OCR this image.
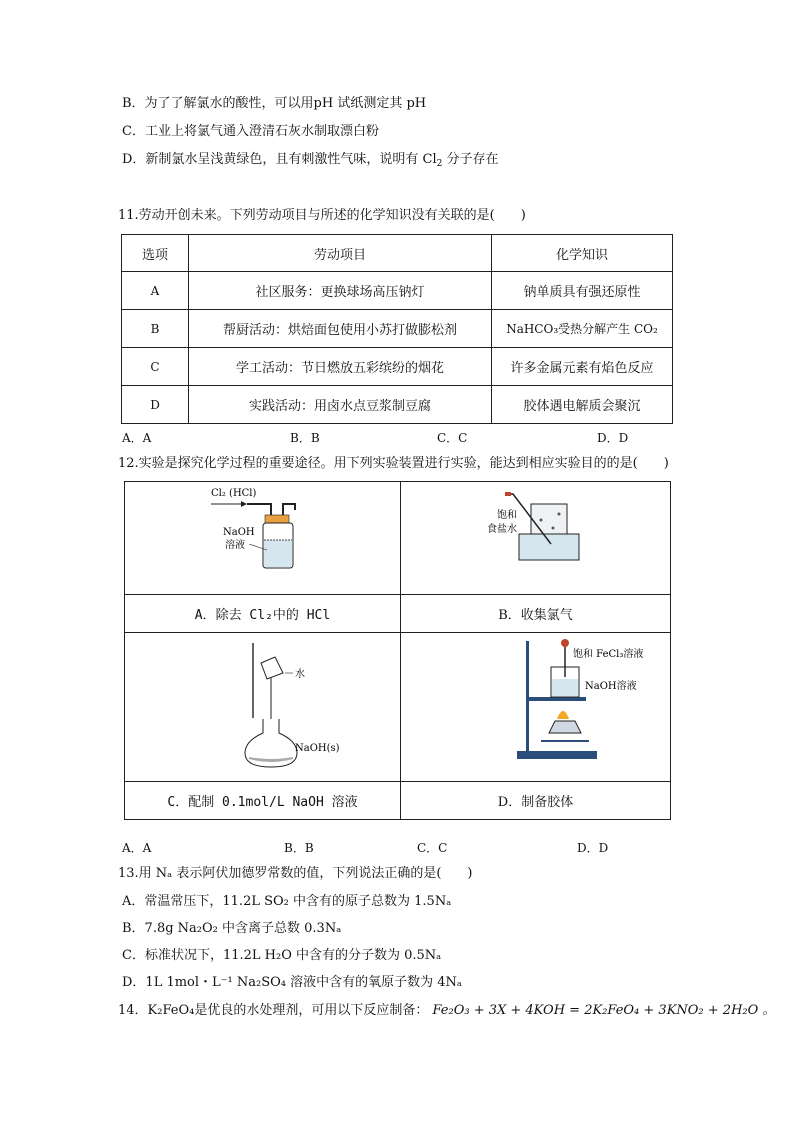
B．为了了解氯水的酸性，可以用pH 试纸测定其 pH
C．工业上将氯气通入澄清石灰水制取漂白粉
D．新制氯水呈浅黄绿色，且有刺激性气味，说明有 $Cl_2$ 分子存在
11.劳动开创未来。下列劳动项目与所述的化学知识没有关联的是(　　)
选项	劳动项目	化学知识
A	社区服务：更换球场高压钠灯	钠单质具有强还原性
B	帮厨活动：烘焙面包使用小苏打做膨松剂	NaHCO₃受热分解产生 CO₂
C	学工活动：节日燃放五彩缤纷的烟花	许多金属元素有焰色反应
D	实践活动：用卤水点豆浆制豆腐	胶体遇电解质会聚沉
A．A	B．B	C．C	D．D
12.实验是探究化学过程的重要途径。用下列实验装置进行实验，能达到相应实验目的的是(　　)
Cl₂ (HCl)
NaOH
溶液	饱和
食盐水

A．除去 Cl₂中的 HCl	B．收集氯气

水
NaOH(s)	饱和 FeCl₃溶液
NaOH溶液

C．配制 0.1mol/L NaOH 溶液	D．制备胶体
A．A	B．B	C．C	D．D
13.用 Nₐ 表示阿伏加德罗常数的值，下列说法正确的是(　　)
A．常温常压下，11.2L SO₂ 中含有的原子总数为 1.5Nₐ
B．7.8g Na₂O₂ 中含离子总数 0.3Nₐ
C．标准状况下，11.2L H₂O 中含有的分子数为 0.5Nₐ
D．1L 1mol・L⁻¹ Na₂SO₄ 溶液中含有的氧原子数为 4Nₐ
14．K₂FeO₄是优良的水处理剂，可用以下反应制备： Fe₂O₃ + 3X + 4KOH = 2K₂FeO₄ + 3KNO₂ + 2H₂O 。
